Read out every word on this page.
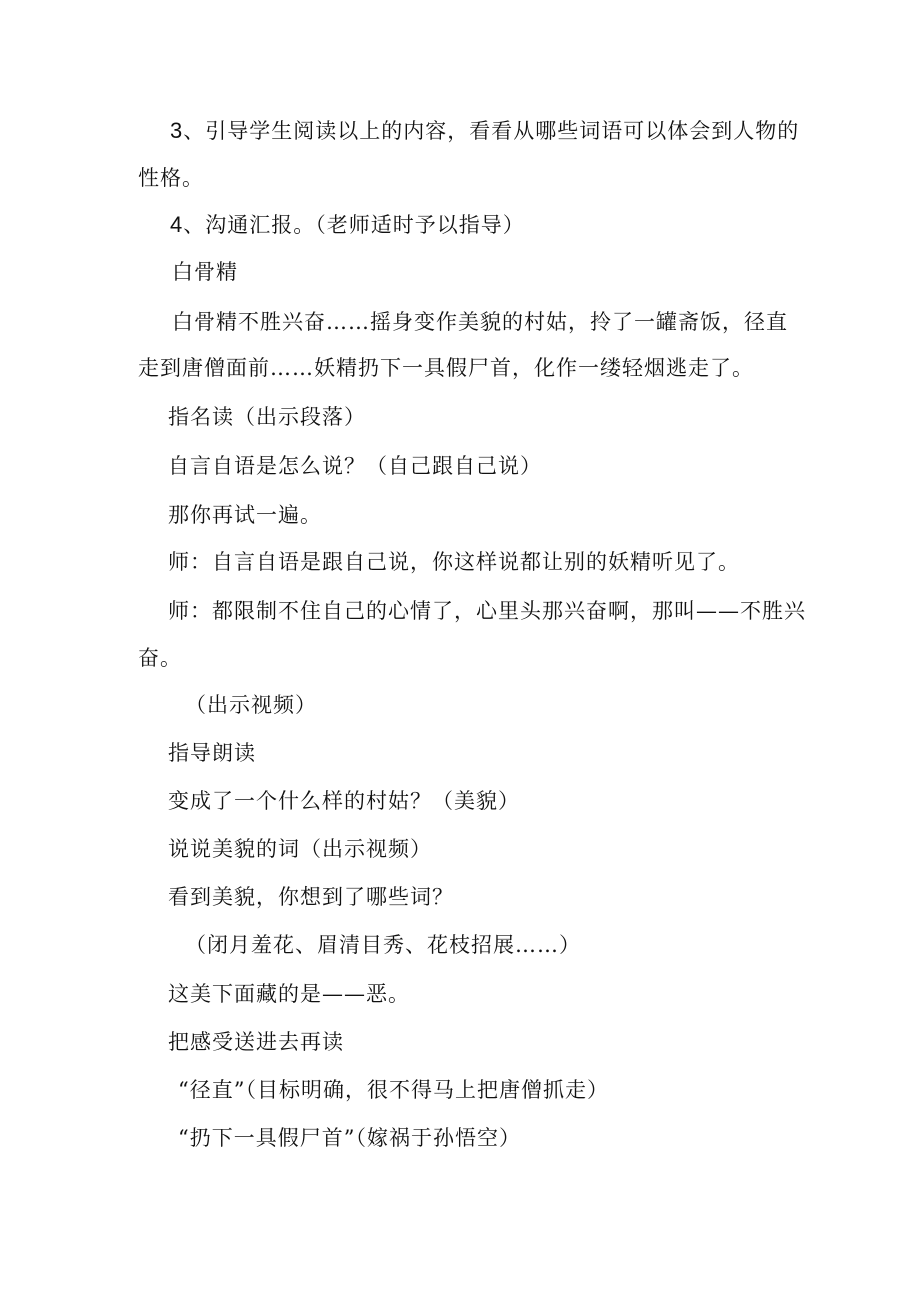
3、引导学生阅读以上的内容，看看从哪些词语可以体会到人物的
性格。
4、沟通汇报。（老师适时予以指导）
白骨精
白骨精不胜兴奋……摇身变作美貌的村姑，拎了一罐斋饭，径直
走到唐僧面前……妖精扔下一具假尸首，化作一缕轻烟逃走了。
指名读（出示段落）
自言自语是怎么说？（自己跟自己说）
那你再试一遍。
师：自言自语是跟自己说，你这样说都让别的妖精听见了。
师：都限制不住自己的心情了，心里头那兴奋啊，那叫——不胜兴
奋。
（出示视频）
指导朗读
变成了一个什么样的村姑？（美貌）
说说美貌的词（出示视频）
看到美貌，你想到了哪些词？
（闭月羞花、眉清目秀、花枝招展……）
这美下面藏的是——恶。
把感受送进去再读
“径直”（目标明确，很不得马上把唐僧抓走）
“扔下一具假尸首”（嫁祸于孙悟空）
